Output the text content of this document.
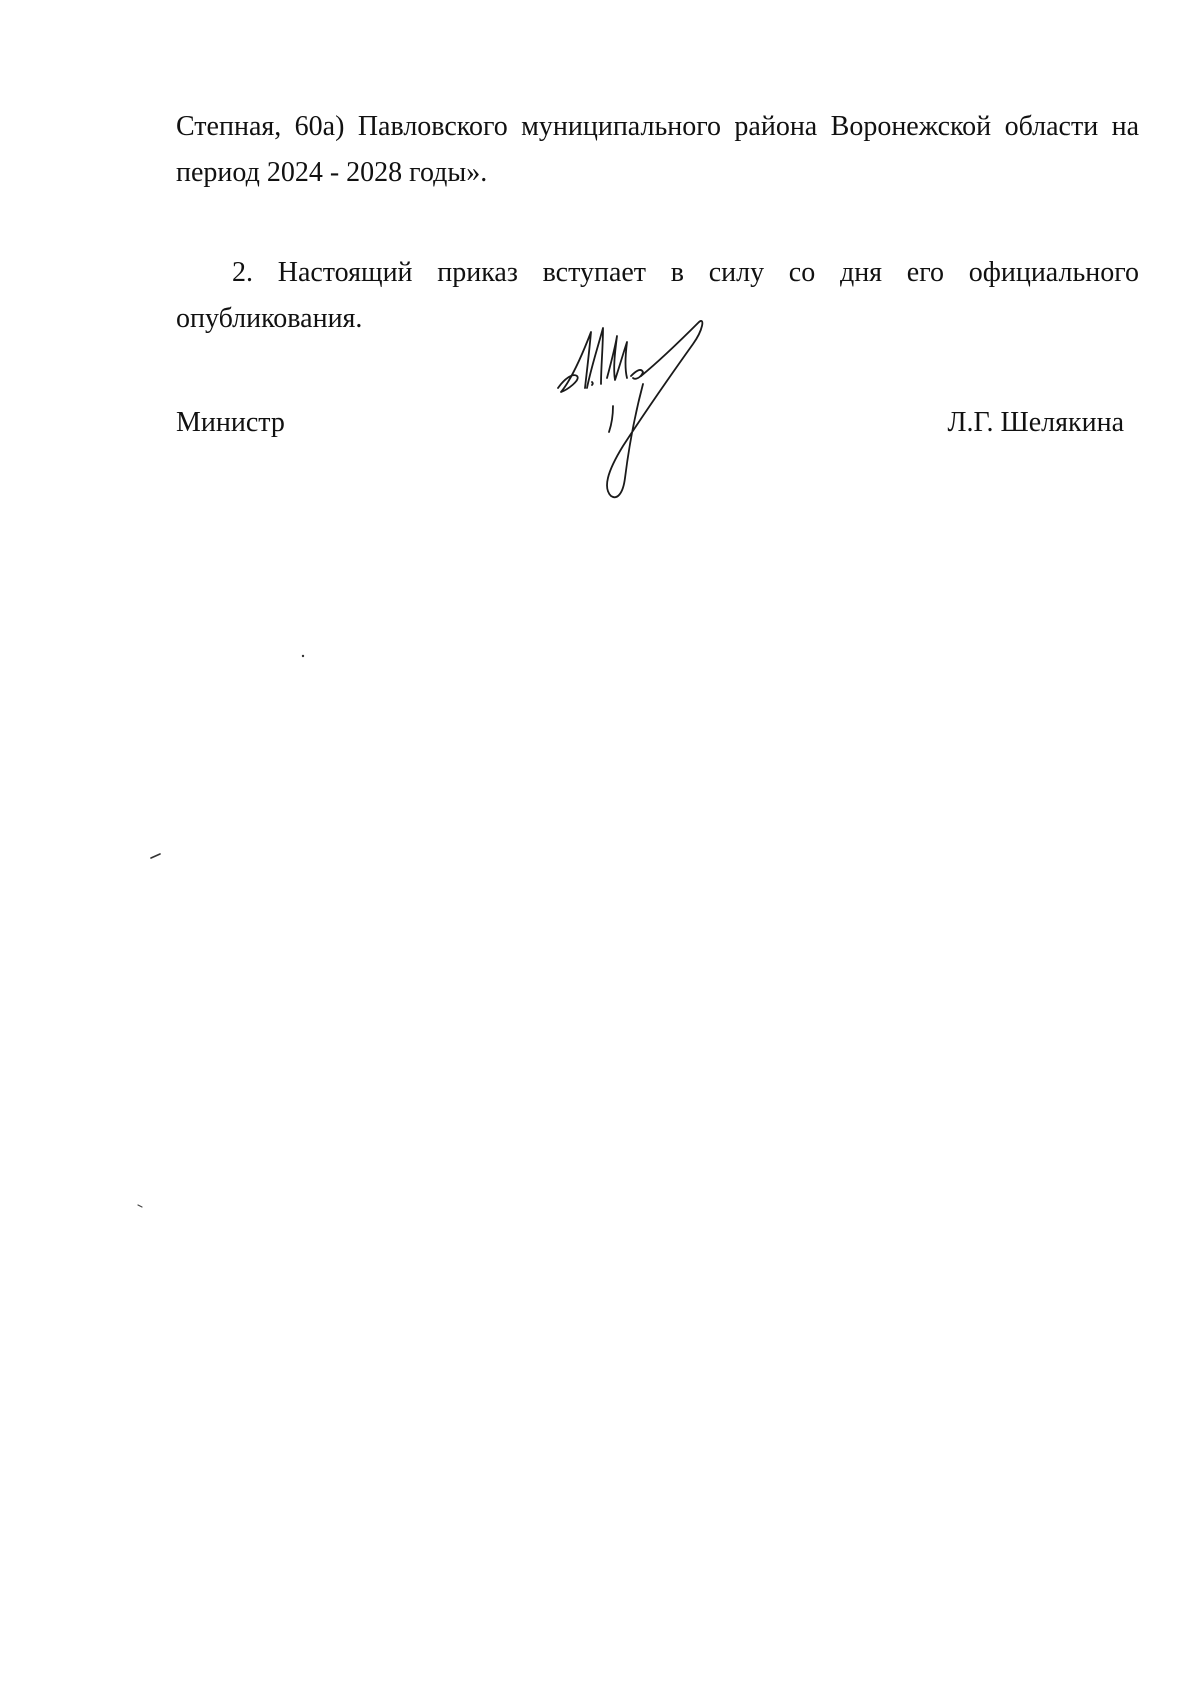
Степная, 60а) Павловского муниципального района Воронежской области на
период 2024 - 2028 годы».
2. Настоящий приказ вступает в силу со дня его официального
опубликования.
Министр	Л.Г. Шелякина
